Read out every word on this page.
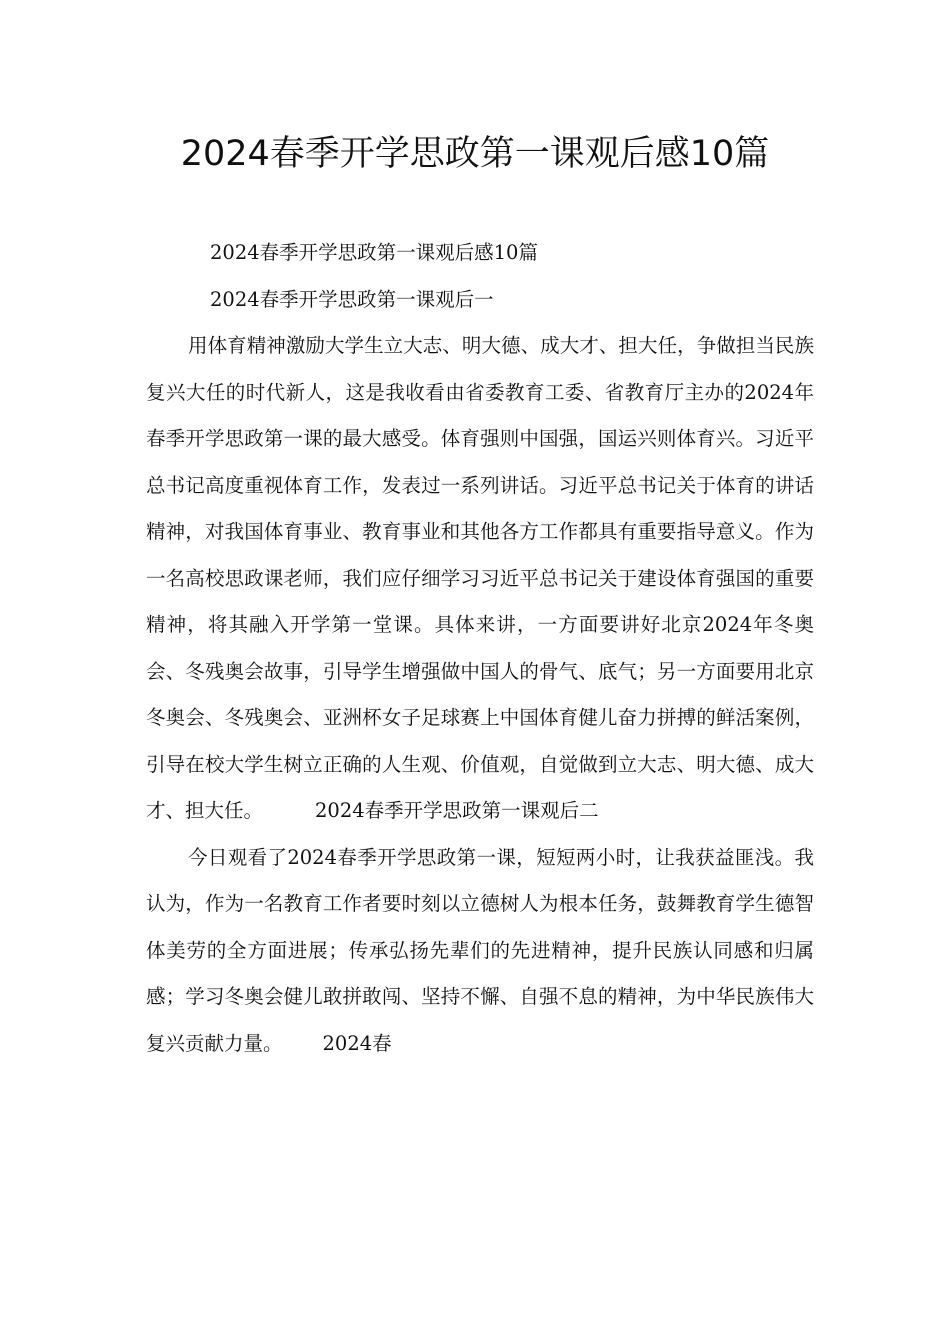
2024春季开学思政第一课观后感10篇

2024春季开学思政第一课观后感10篇

2024春季开学思政第一课观后一

用体育精神激励大学生立大志、明大德、成大才、担大任，争做担当民族复兴大任的时代新人，这是我收看由省委教育工委、省教育厅主办的2024年春季开学思政第一课的最大感受。体育强则中国强，国运兴则体育兴。习近平总书记高度重视体育工作，发表过一系列讲话。习近平总书记关于体育的讲话精神，对我国体育事业、教育事业和其他各方工作都具有重要指导意义。作为一名高校思政课老师，我们应仔细学习习近平总书记关于建设体育强国的重要精神，将其融入开学第一堂课。具体来讲，一方面要讲好北京2024年冬奥会、冬残奥会故事，引导学生增强做中国人的骨气、底气；另一方面要用北京冬奥会、冬残奥会、亚洲杯女子足球赛上中国体育健儿奋力拼搏的鲜活案例，引导在校大学生树立正确的人生观、价值观，自觉做到立大志、明大德、成大才、担大任。	2024春季开学思政第一课观后二

今日观看了2024春季开学思政第一课，短短两小时，让我获益匪浅。我认为，作为一名教育工作者要时刻以立德树人为根本任务，鼓舞教育学生德智体美劳的全方面进展；传承弘扬先辈们的先进精神，提升民族认同感和归属感；学习冬奥会健儿敢拼敢闯、坚持不懈、自强不息的精神，为中华民族伟大复兴贡献力量。 2024春
